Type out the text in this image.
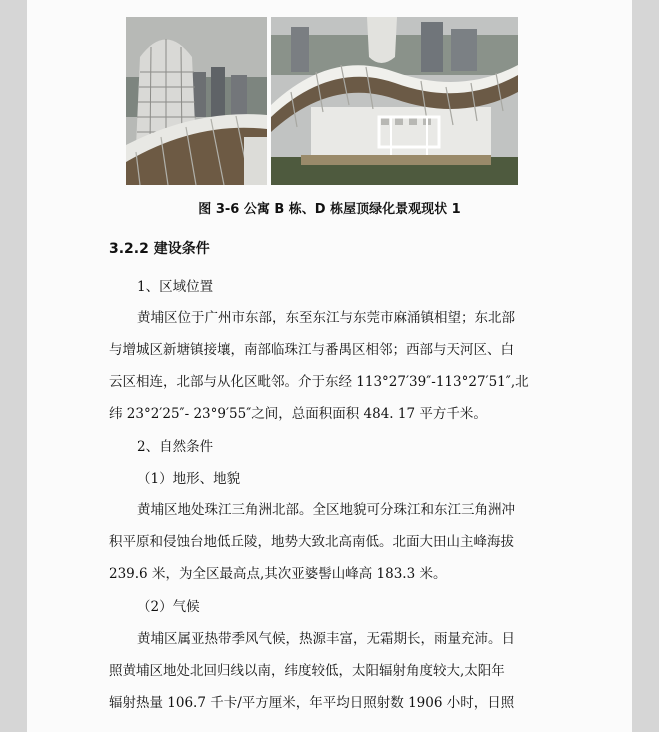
图 3-6 公寓 B 栋、D 栋屋顶绿化景观现状 1
3.2.2 建设条件
1、区域位置
黄埔区位于广州市东部，东至东江与东莞市麻涌镇相望；东北部
与增城区新塘镇接壤，南部临珠江与番禺区相邻；西部与天河区、白
云区相连，北部与从化区毗邻。介于东经 113°27′39″-113°27′51″,北
纬 23°2′25″- 23°9′55″之间，总面积面积 484. 17 平方千米。
2、自然条件
（1）地形、地貌
黄埔区地处珠江三角洲北部。全区地貌可分珠江和东江三角洲冲
积平原和侵蚀台地低丘陵，地势大致北高南低。北面大田山主峰海拔
239.6 米，为全区最高点,其次亚婆髻山峰高 183.3 米。
（2）气候
黄埔区属亚热带季风气候，热源丰富，无霜期长，雨量充沛。日
照黄埔区地处北回归线以南，纬度较低，太阳辐射角度较大,太阳年
辐射热量 106.7 千卡/平方厘米，年平均日照射数 1906 小时，日照
